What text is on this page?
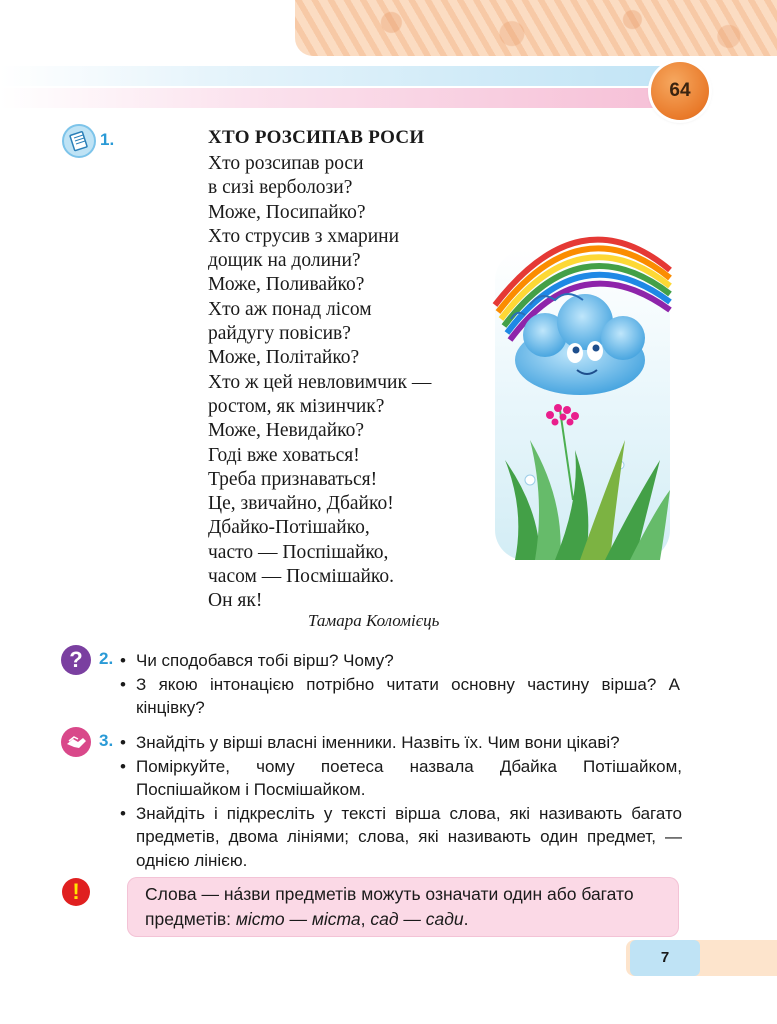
64
1.	ХТО РОЗСИПАВ РОСИ
Хто розсипав роси
в сизі верболози?
Може, Посипайко?
Хто струсив з хмарини
дощик на долини?
Може, Поливайко?
Хто аж понад лісом
райдугу повісив?
Може, Політайко?
Хто ж цей невловимчик —
ростом, як мізинчик?
Може, Невидайко?
Годі вже ховаться!
Треба признаваться!
Це, звичайно, Дбайко!
Дбайко-Потішайко,
часто — Поспішайко,
часом — Посмішайко.
Он як!
Тамара Коломієць
? 2. • Чи сподобався тобі вірш? Чому?
• З якою інтонацією потрібно читати основну частину вірша? А кінцівку?
3. • Знайдіть у вірші власні іменники. Назвіть їх. Чим вони цікаві?
• Поміркуйте, чому поетеса назвала Дбайка Потішайком, Поспішайком і Посмішайком.
• Знайдіть і підкресліть у тексті вірша слова, які називають багато предметів, двома лініями; слова, які називають один предмет, — однією лінією.
!	Слова — на́зви предметів можуть означати один або багато предметів: місто — міста, сад — сади.
7
